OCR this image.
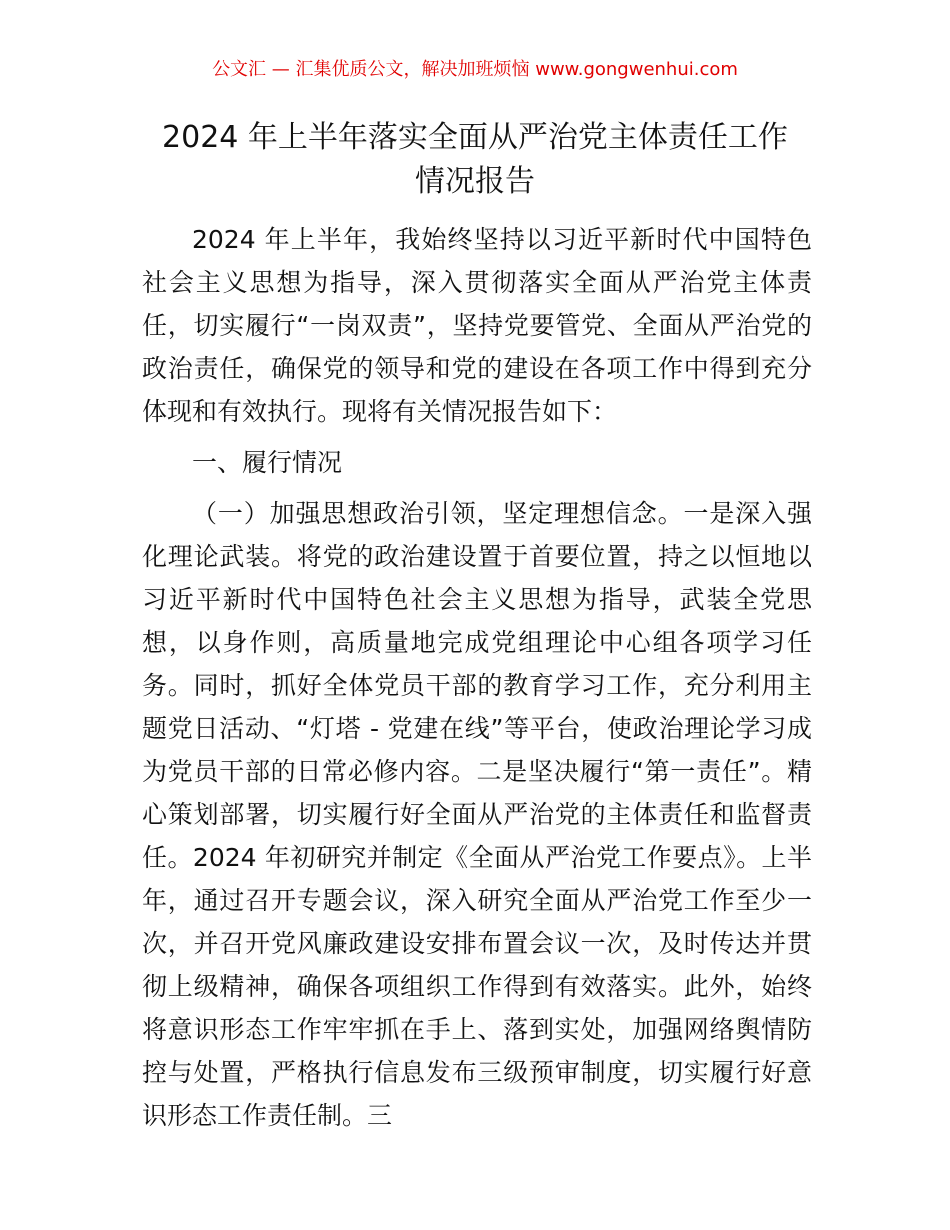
公文汇 — 汇集优质公文，解决加班烦恼 www.gongwenhui.com
2024 年上半年落实全面从严治党主体责任工作
情况报告

2024 年上半年，我始终坚持以习近平新时代中国特色社会主义思想为指导，深入贯彻落实全面从严治党主体责任，切实履行“一岗双责”，坚持党要管党、全面从严治党的政治责任，确保党的领导和党的建设在各项工作中得到充分体现和有效执行。现将有关情况报告如下：

一、履行情况

（一）加强思想政治引领，坚定理想信念。一是深入强化理论武装。将党的政治建设置于首要位置，持之以恒地以习近平新时代中国特色社会主义思想为指导，武装全党思想，以身作则，高质量地完成党组理论中心组各项学习任务。同时，抓好全体党员干部的教育学习工作，充分利用主题党日活动、“灯塔 - 党建在线”等平台，使政治理论学习成为党员干部的日常必修内容。二是坚决履行“第一责任”。精心策划部署，切实履行好全面从严治党的主体责任和监督责任。2024 年初研究并制定《全面从严治党工作要点》。上半年，通过召开专题会议，深入研究全面从严治党工作至少一次，并召开党风廉政建设安排布置会议一次，及时传达并贯彻上级精神，确保各项组织工作得到有效落实。此外，始终将意识形态工作牢牢抓在手上、落到实处，加强网络舆情防控与处置，严格执行信息发布三级预审制度，切实履行好意识形态工作责任制。三
